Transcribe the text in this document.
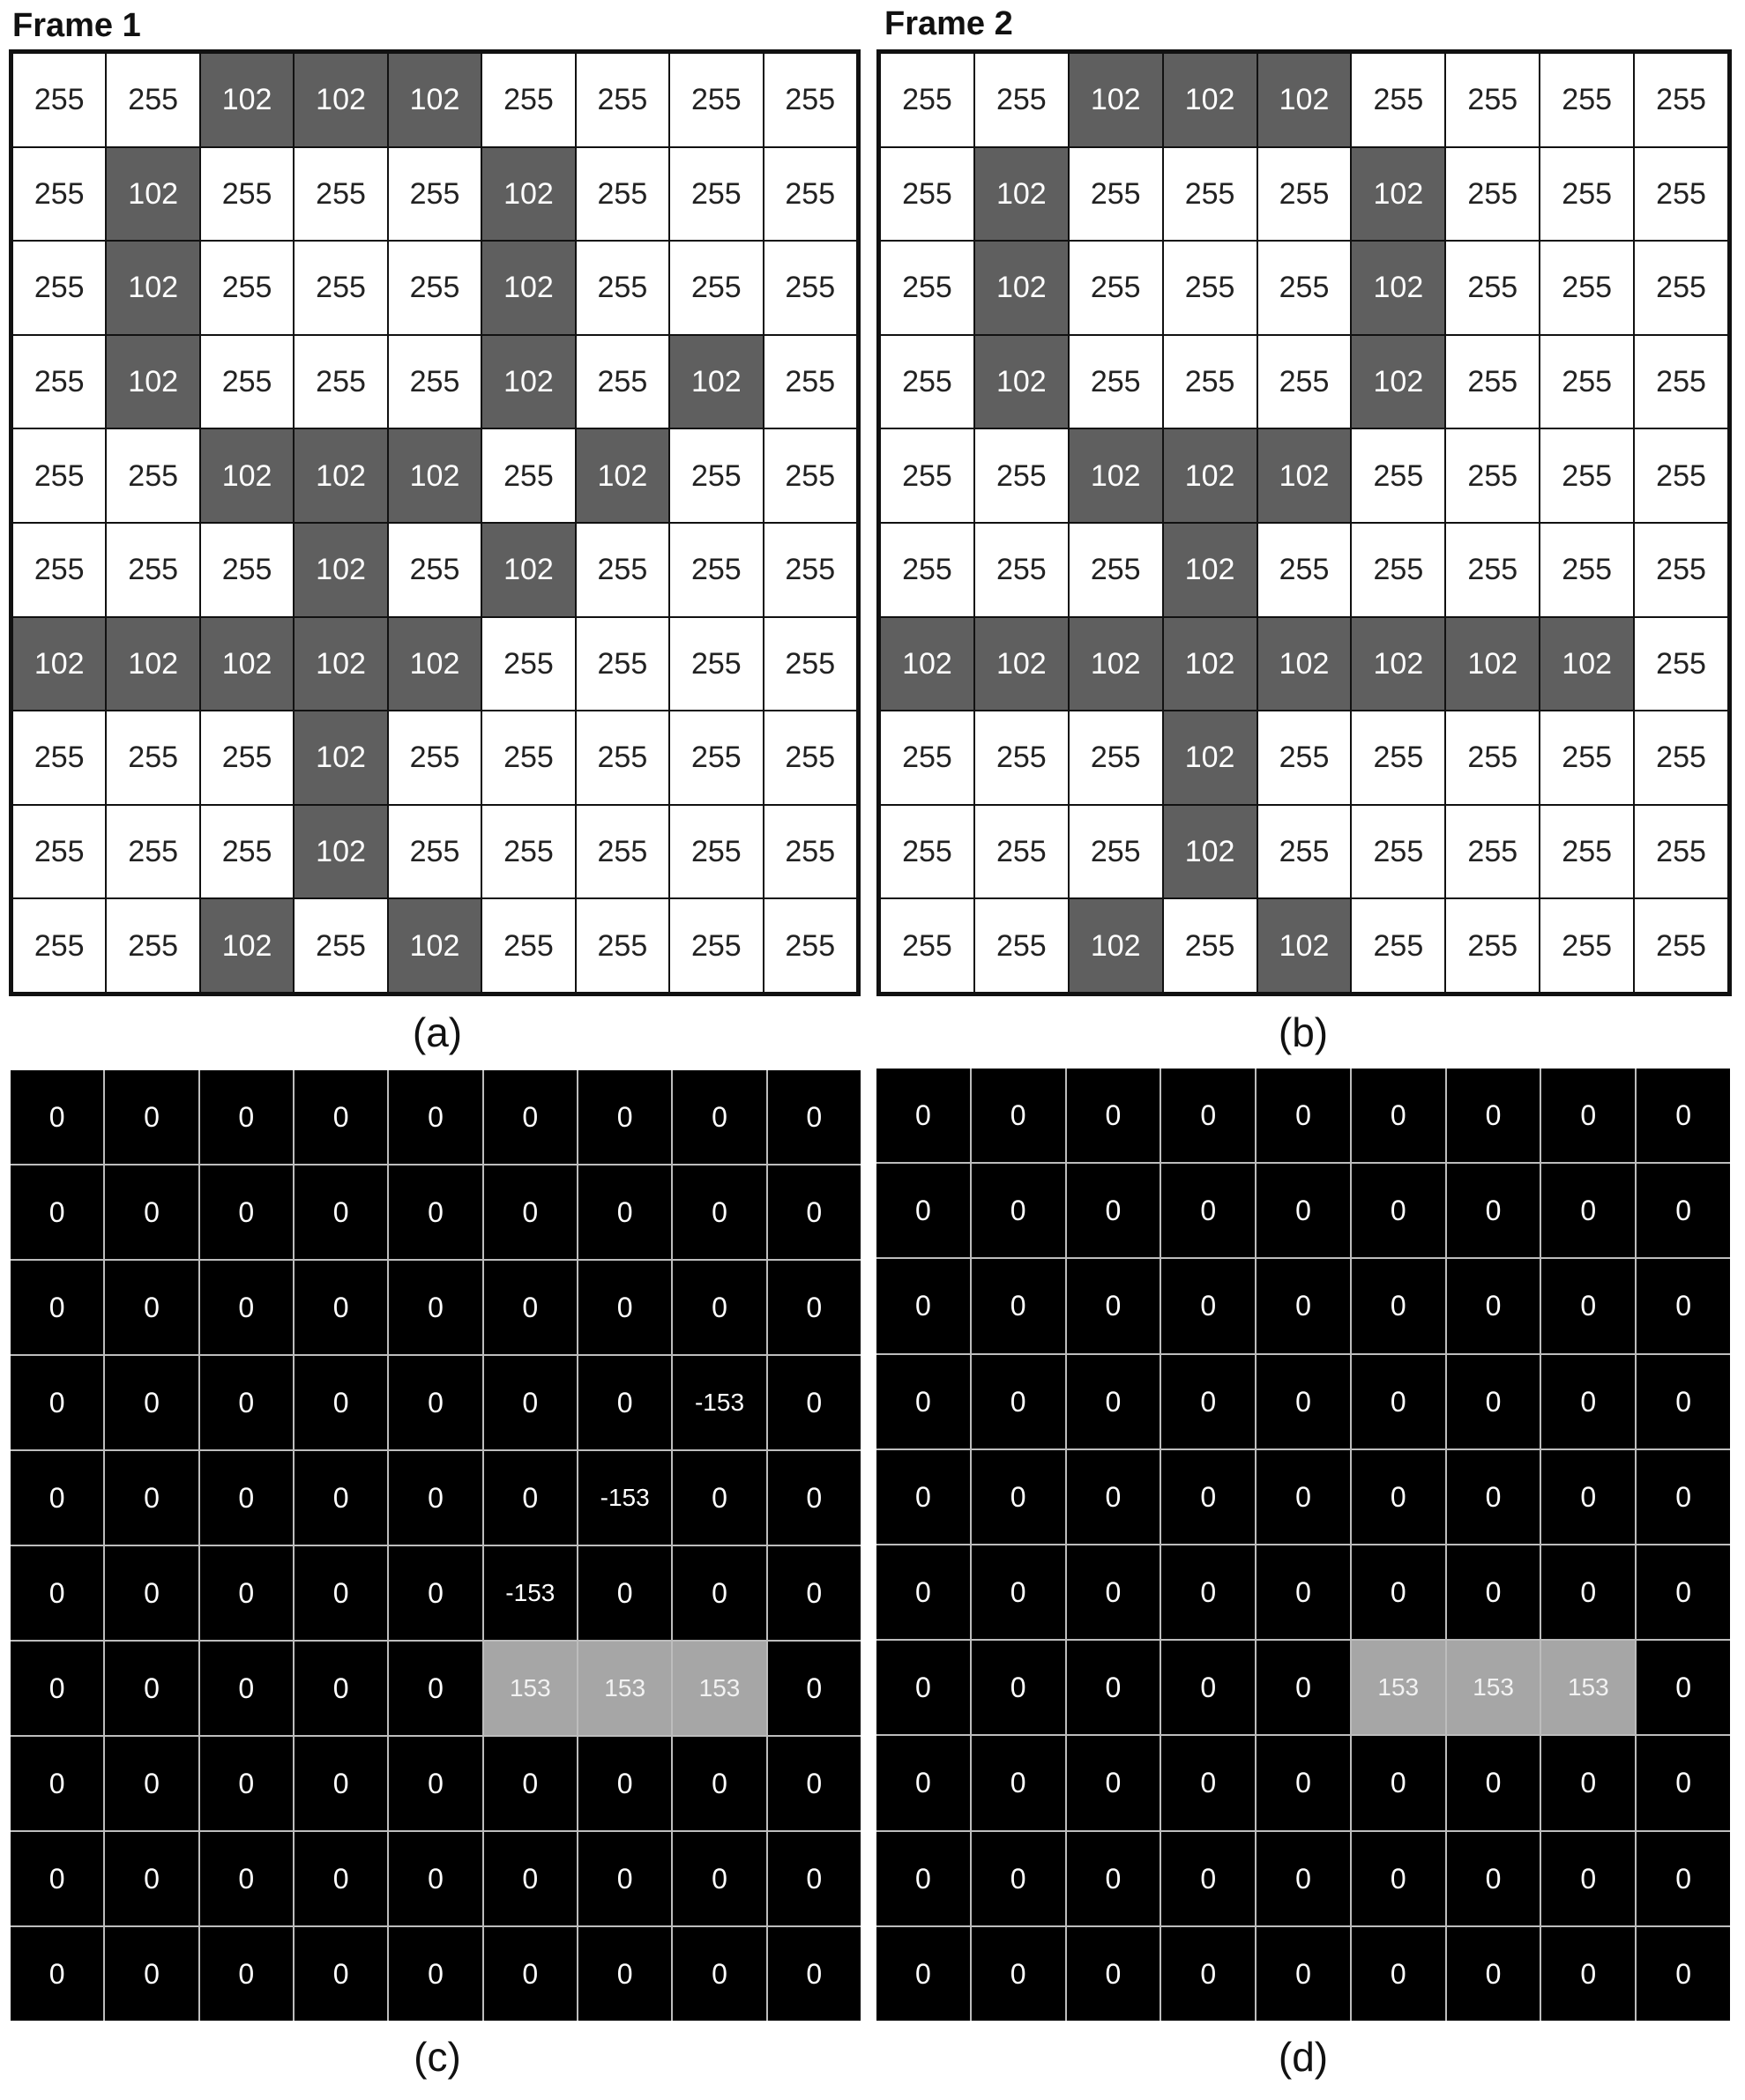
Frame 1
255	255	102	102	102	255	255	255	255
255	102	255	255	255	102	255	255	255
255	102	255	255	255	102	255	255	255
255	102	255	255	255	102	255	102	255
255	255	102	102	102	255	102	255	255
255	255	255	102	255	102	255	255	255
102	102	102	102	102	255	255	255	255
255	255	255	102	255	255	255	255	255
255	255	255	102	255	255	255	255	255
255	255	102	255	102	255	255	255	255
(a)
Frame 2
255	255	102	102	102	255	255	255	255
255	102	255	255	255	102	255	255	255
255	102	255	255	255	102	255	255	255
255	102	255	255	255	102	255	255	255
255	255	102	102	102	255	255	255	255
255	255	255	102	255	255	255	255	255
102	102	102	102	102	102	102	102	255
255	255	255	102	255	255	255	255	255
255	255	255	102	255	255	255	255	255
255	255	102	255	102	255	255	255	255
(b)
0	0	0	0	0	0	0	0	0
0	0	0	0	0	0	0	0	0
0	0	0	0	0	0	0	0	0
0	0	0	0	0	0	0	-153	0
0	0	0	0	0	0	-153	0	0
0	0	0	0	0	-153	0	0	0
0	0	0	0	0	153	153	153	0
0	0	0	0	0	0	0	0	0
0	0	0	0	0	0	0	0	0
0	0	0	0	0	0	0	0	0
(c)
0	0	0	0	0	0	0	0	0
0	0	0	0	0	0	0	0	0
0	0	0	0	0	0	0	0	0
0	0	0	0	0	0	0	0	0
0	0	0	0	0	0	0	0	0
0	0	0	0	0	0	0	0	0
0	0	0	0	0	153	153	153	0
0	0	0	0	0	0	0	0	0
0	0	0	0	0	0	0	0	0
0	0	0	0	0	0	0	0	0
(d)
